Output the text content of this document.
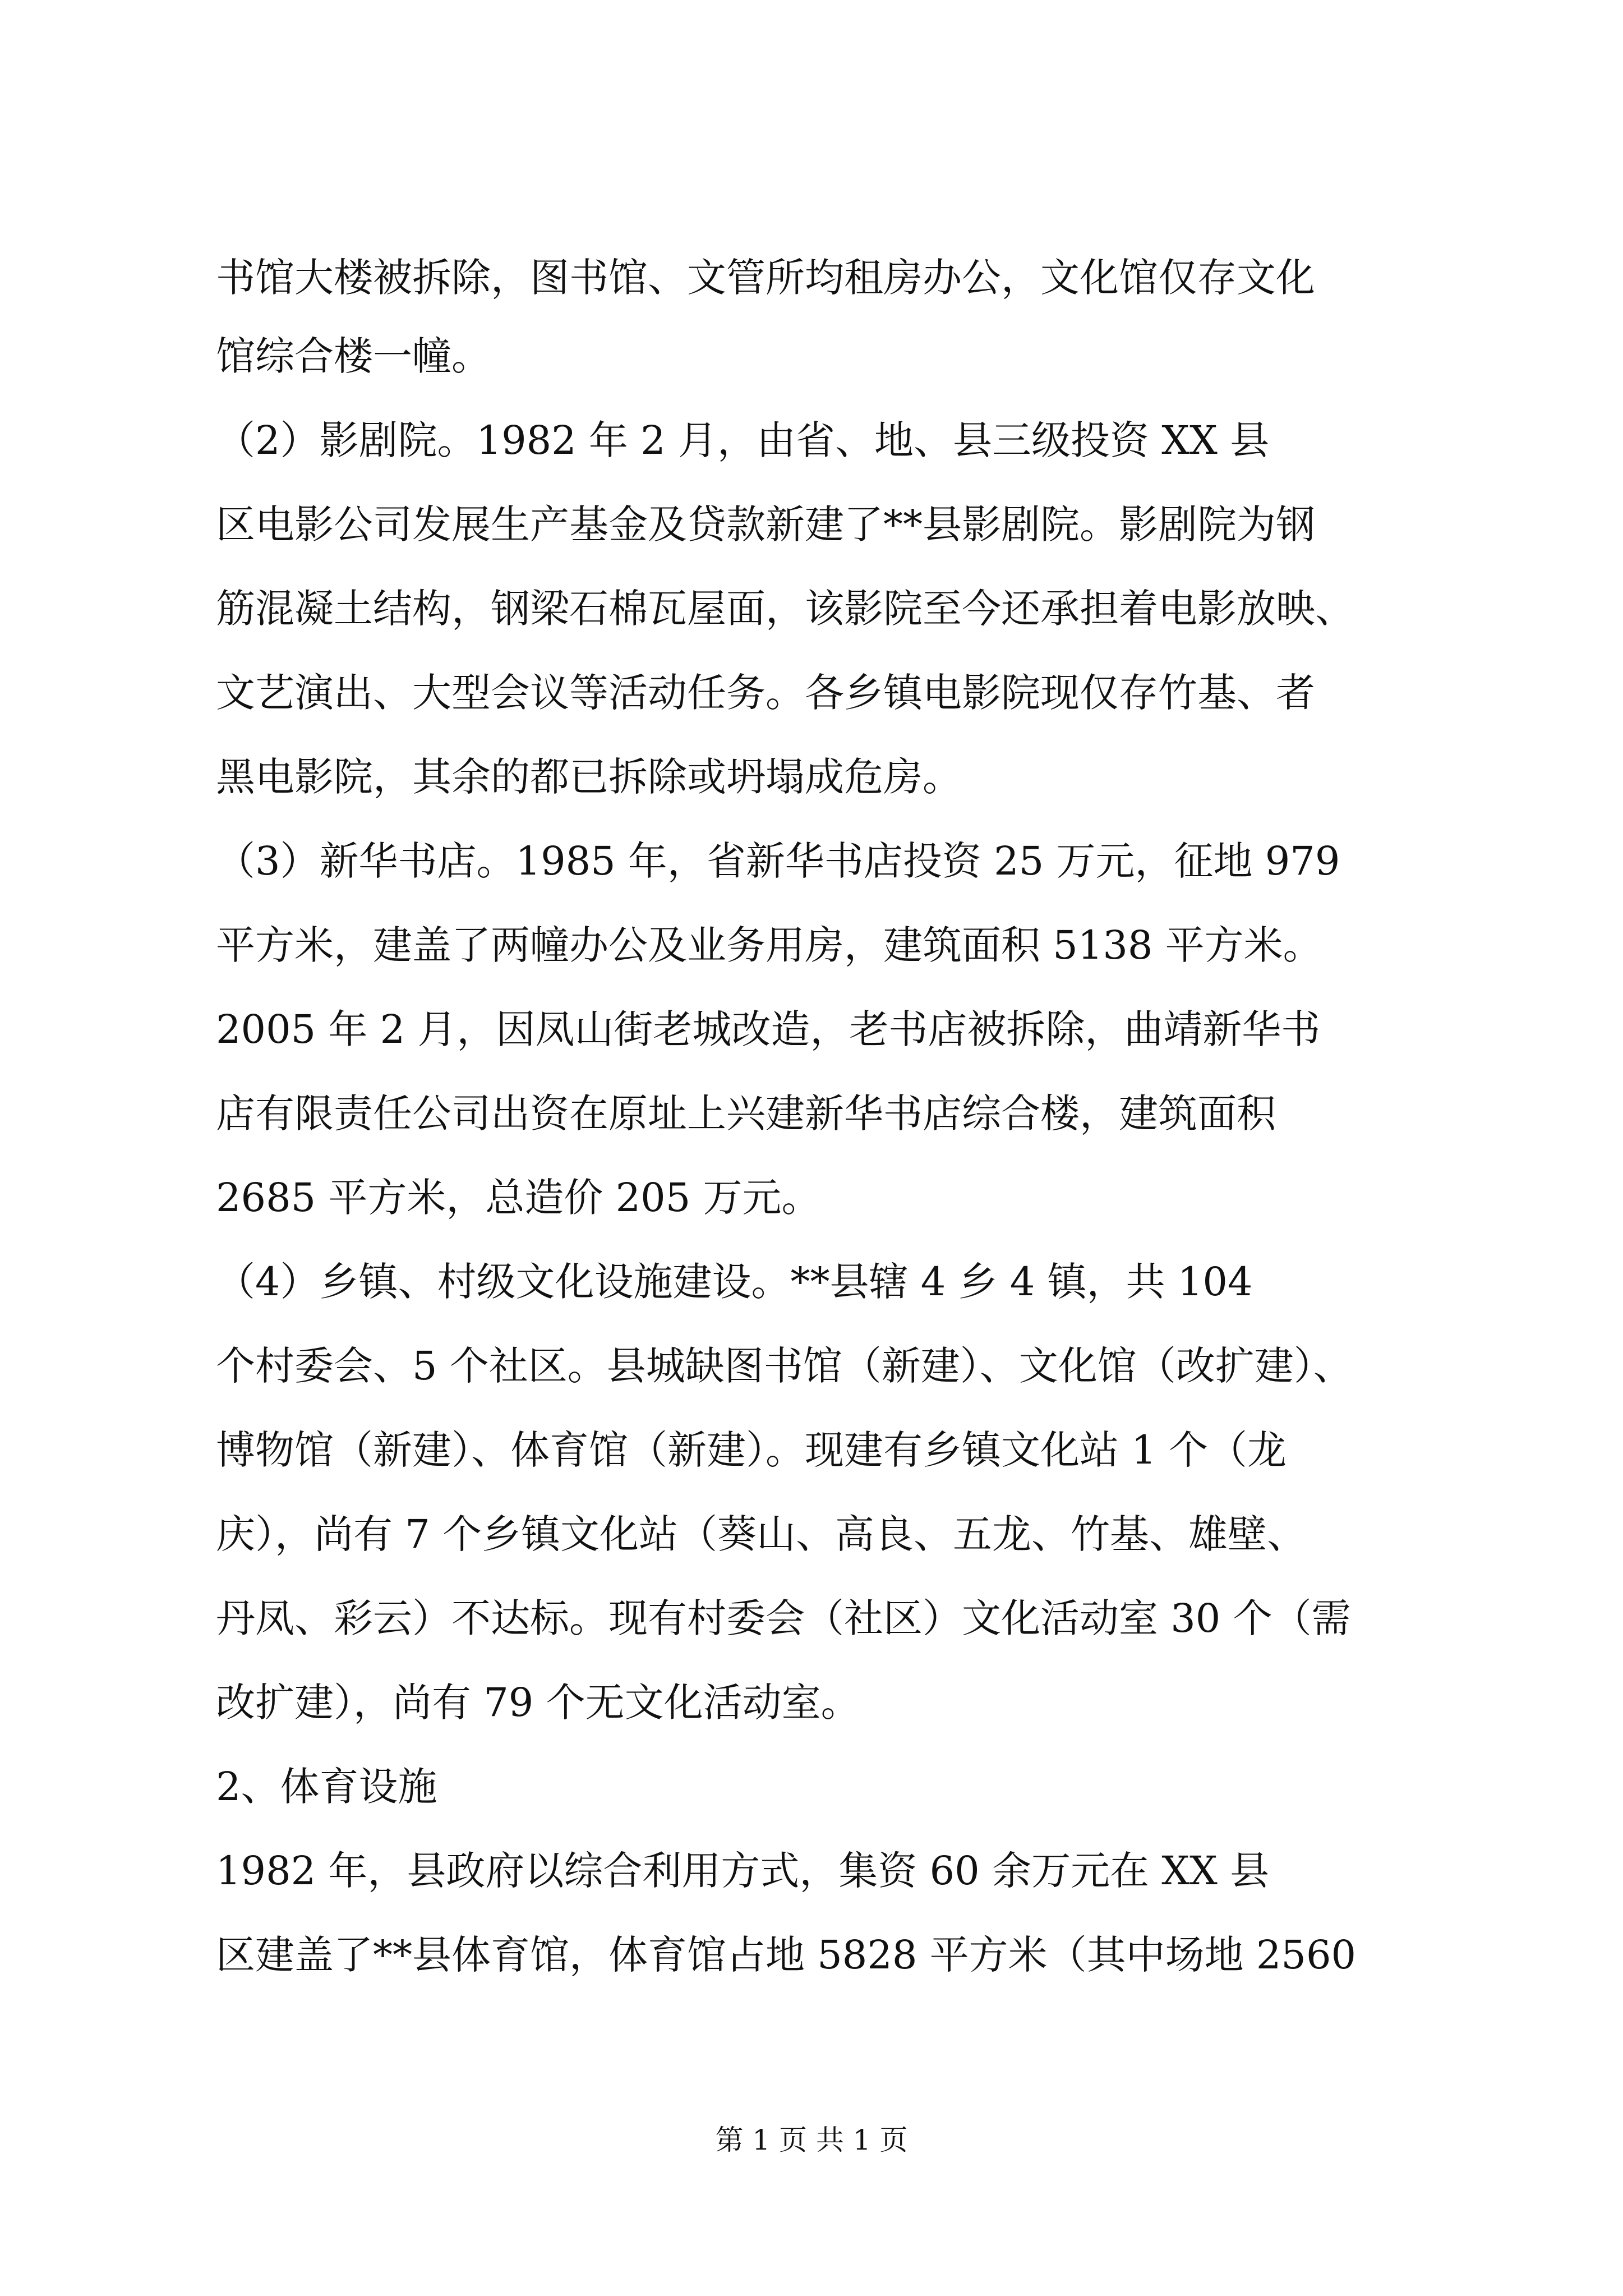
书馆大楼被拆除，图书馆、文管所均租房办公，文化馆仅存文化
馆综合楼一幢。
（2）影剧院。1982 年 2 月，由省、地、县三级投资 XX 县
区电影公司发展生产基金及贷款新建了**县影剧院。影剧院为钢
筋混凝土结构，钢梁石棉瓦屋面，该影院至今还承担着电影放映、
文艺演出、大型会议等活动任务。各乡镇电影院现仅存竹基、者
黑电影院，其余的都已拆除或坍塌成危房。
（3）新华书店。1985 年，省新华书店投资 25 万元，征地 979
平方米，建盖了两幢办公及业务用房，建筑面积 5138 平方米。
2005 年 2 月，因凤山街老城改造，老书店被拆除，曲靖新华书
店有限责任公司出资在原址上兴建新华书店综合楼，建筑面积
2685 平方米，总造价 205 万元。
（4）乡镇、村级文化设施建设。**县辖 4 乡 4 镇，共 104
个村委会、5 个社区。县城缺图书馆（新建）、文化馆（改扩建）、
博物馆（新建）、体育馆（新建）。现建有乡镇文化站 1 个（龙
庆），尚有 7 个乡镇文化站（葵山、高良、五龙、竹基、雄壁、
丹凤、彩云）不达标。现有村委会（社区）文化活动室 30 个（需
改扩建），尚有 79 个无文化活动室。
2、体育设施
1982 年，县政府以综合利用方式，集资 60 余万元在 XX 县
区建盖了**县体育馆，体育馆占地 5828 平方米（其中场地 2560
第 1 页 共 1 页
